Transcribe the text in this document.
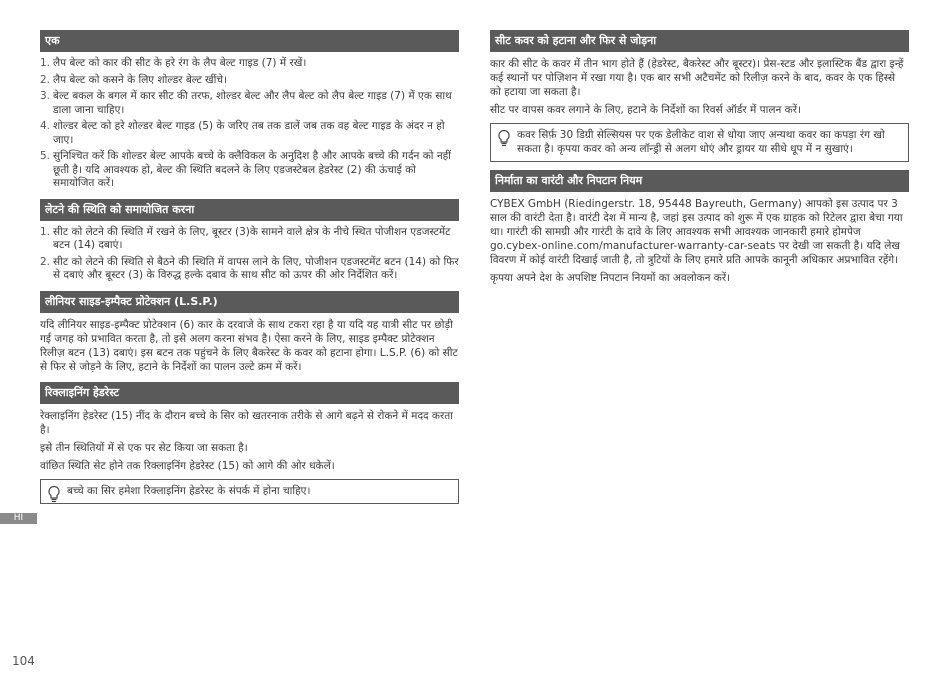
एक
1. लैप बेल्ट को कार की सीट के हरे रंग के लैप बेल्ट गाइड (7) में रखें।
2. लैप बेल्ट को कसने के लिए शोल्डर बेल्ट खींचे।
3. बेल्ट बकल के बगल में कार सीट की तरफ, शोल्डर बेल्ट और लैप बेल्ट को लैप बेल्ट गाइड (7) में एक साथ डाला जाना चाहिए।
4. शोल्डर बेल्ट को हरे शोल्डर बेल्ट गाइड (5) के जरिए तब तक डालें जब तक वह बेल्ट गाइड के अंदर न हो जाए।
5. सुनिश्चित करें कि शोल्डर बेल्ट आपके बच्चे के क्लैविकल के अनुदिश है और आपके बच्चे की गर्दन को नहीं छूती है। यदि आवश्यक हो, बेल्ट की स्थिति बदलने के लिए एडजस्टेबल हेडरेस्ट (2) की ऊंचाई को समायोजित करें।
लेटने की स्थिति को समायोजित करना
1. सीट को लेटने की स्थिति में रखने के लिए, बूस्टर (3)के सामने वाले क्षेत्र के नीचे स्थित पोजीशन एडजस्टमेंट बटन (14) दबाएं।
2. सीट को लेटने की स्थिति से बैठने की स्थिति में वापस लाने के लिए, पोजीशन एडजस्टमेंट बटन (14) को फिर से दबाएं और बूस्टर (3) के विरुद्ध हल्के दबाव के साथ सीट को ऊपर की ओर निर्देशित करें।
लीनियर साइड-इम्पैक्ट प्रोटेक्शन (L.S.P.)

यदि लीनियर साइड-इम्पैक्ट प्रोटेक्शन (6) कार के दरवाजे के साथ टकरा रहा है या यदि यह यात्री सीट पर छोड़ी गई जगह को प्रभावित करता है, तो इसे अलग करना संभव है। ऐसा करने के लिए, साइड इम्पैक्ट प्रोटेक्शन रिलीज़ बटन (13) दबाएं। इस बटन तक पहुंचने के लिए बैकरेस्ट के कवर को हटाना होगा। L.S.P. (6) को सीट से फिर से जोड़ने के लिए, हटाने के निर्देशों का पालन उल्टे क्रम में करें।

रिक्लाइनिंग हेडरेस्ट

रेक्लाइनिंग हेडरेस्ट (15) नींद के दौरान बच्चे के सिर को खतरनाक तरीके से आगे बढ़ने से रोकने में मदद करता है।

इसे तीन स्थितियों में से एक पर सेट किया जा सकता है।

वांछित स्थिति सेट होने तक रिक्लाइनिंग हेडरेस्ट (15) को आगे की ओर धकेलें।

बच्चे का सिर हमेशा रिक्लाइनिंग हेडरेस्ट के संपर्क में होना चाहिए।
सीट कवर को हटाना और फिर से जोड़ना

कार की सीट के कवर में तीन भाग होते हैं (हेडरेस्ट, बैकरेस्ट और बूस्टर)। प्रेस-स्टड और इलास्टिक बैंड द्वारा इन्हें कई स्थानों पर पोज़िशन में रखा गया है। एक बार सभी अटैचमेंट को रिलीज़ करने के बाद, कवर के एक हिस्से को हटाया जा सकता है।

सीट पर वापस कवर लगाने के लिए, हटाने के निर्देशों का रिवर्स ऑर्डर में पालन करें।

कवर सिर्फ़ 30 डिग्री सेल्सियस पर एक डेलीकेट वाश से धोया जाए अन्यथा कवर का कपड़ा रंग खो सकता है। कृपया कवर को अन्य लॉन्ड्री से अलग धोएं और ड्रायर या सीधे धूप में न सुखाएं।
निर्माता का वारंटी और निपटान नियम

CYBEX GmbH (Riedingerstr. 18, 95448 Bayreuth, Germany) आपको इस उत्पाद पर 3 साल की वारंटी देता है। वारंटी देश में मान्य है, जहां इस उत्पाद को शुरू में एक ग्राहक को रिटेलर द्वारा बेचा गया था। गारंटी की सामग्री और गारंटी के दावे के लिए आवश्यक सभी आवश्यक जानकारी हमारे होमपेज go.cybex-online.com/manufacturer-warranty-car-seats पर देखी जा सकती है। यदि लेख विवरण में कोई वारंटी दिखाई जाती है, तो त्रुटियों के लिए हमारे प्रति आपके कानूनी अधिकार अप्रभावित रहेंगे।

कृपया अपने देश के अपशिष्ट निपटान नियमों का अवलोकन करें।

HI
104
